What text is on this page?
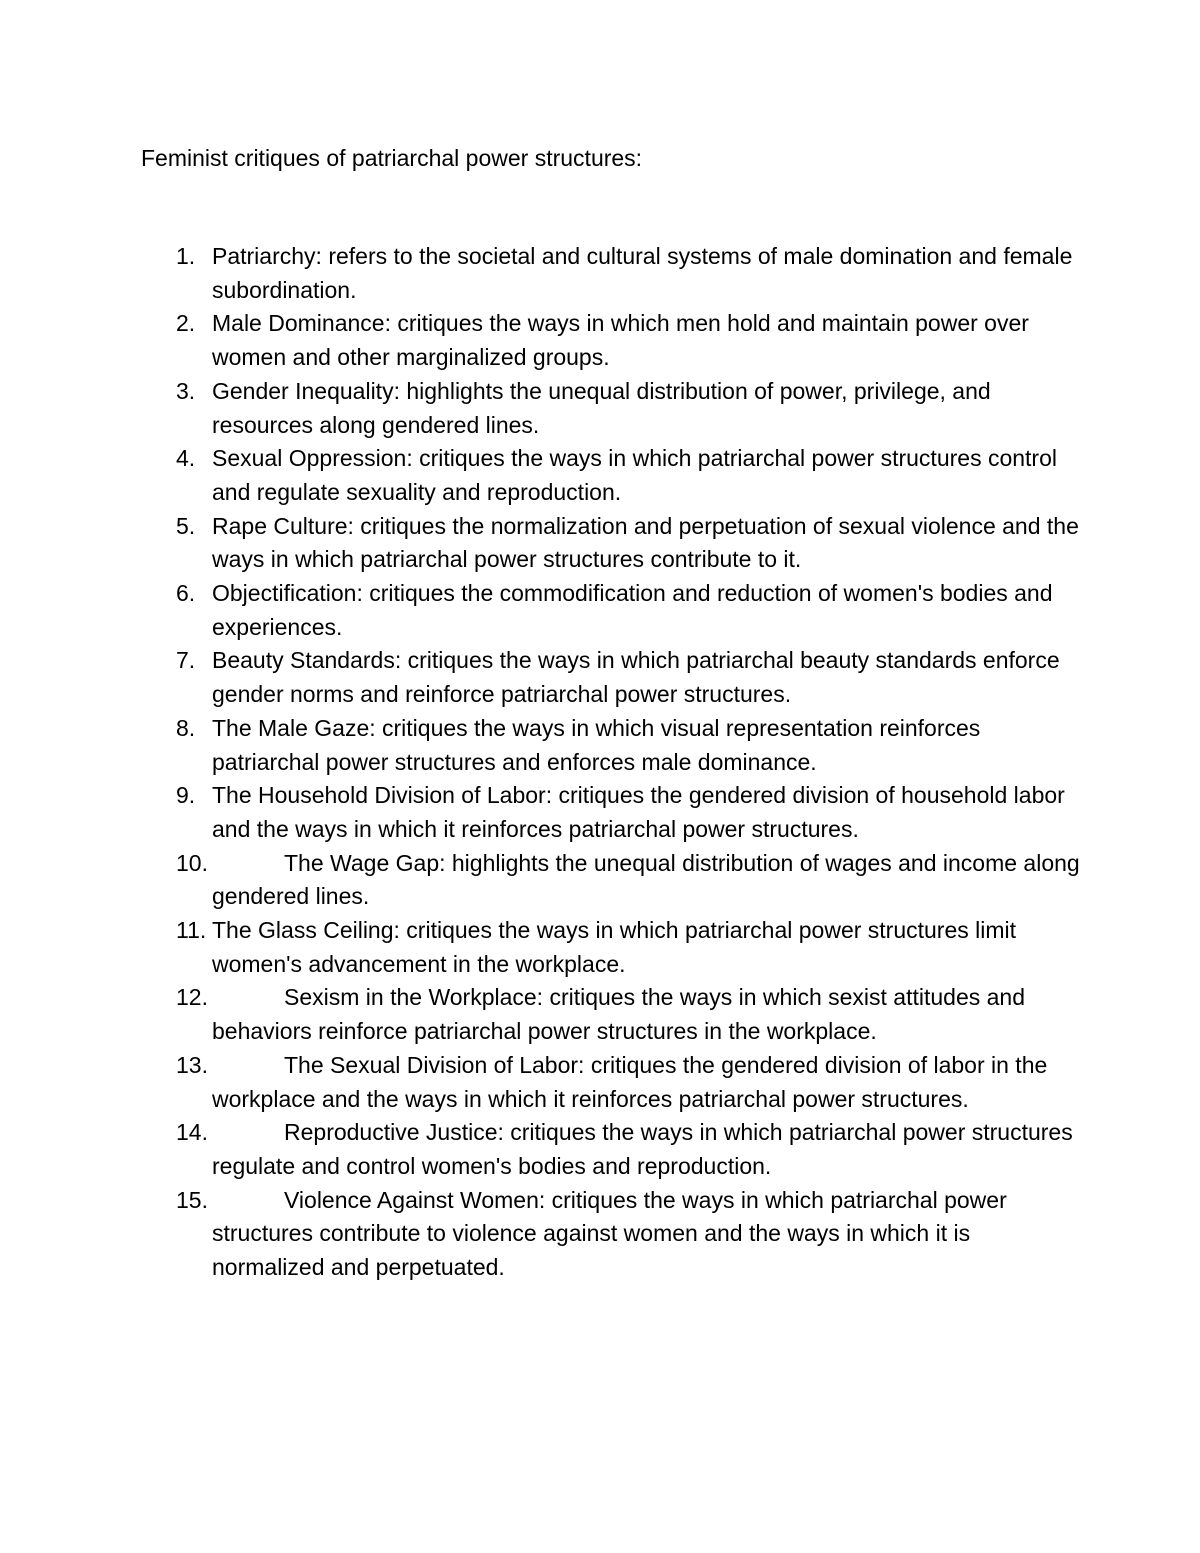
Feminist critiques of patriarchal power structures:
1. Patriarchy: refers to the societal and cultural systems of male domination and female subordination.
2. Male Dominance: critiques the ways in which men hold and maintain power over women and other marginalized groups.
3. Gender Inequality: highlights the unequal distribution of power, privilege, and resources along gendered lines.
4. Sexual Oppression: critiques the ways in which patriarchal power structures control and regulate sexuality and reproduction.
5. Rape Culture: critiques the normalization and perpetuation of sexual violence and the ways in which patriarchal power structures contribute to it.
6. Objectification: critiques the commodification and reduction of women's bodies and experiences.
7. Beauty Standards: critiques the ways in which patriarchal beauty standards enforce gender norms and reinforce patriarchal power structures.
8. The Male Gaze: critiques the ways in which visual representation reinforces patriarchal power structures and enforces male dominance.
9. The Household Division of Labor: critiques the gendered division of household labor and the ways in which it reinforces patriarchal power structures.
10.	The Wage Gap: highlights the unequal distribution of wages and income along gendered lines.
11. The Glass Ceiling: critiques the ways in which patriarchal power structures limit women's advancement in the workplace.
12.	Sexism in the Workplace: critiques the ways in which sexist attitudes and behaviors reinforce patriarchal power structures in the workplace.
13.	The Sexual Division of Labor: critiques the gendered division of labor in the workplace and the ways in which it reinforces patriarchal power structures.
14.	Reproductive Justice: critiques the ways in which patriarchal power structures regulate and control women's bodies and reproduction.
15.	Violence Against Women: critiques the ways in which patriarchal power structures contribute to violence against women and the ways in which it is normalized and perpetuated.
